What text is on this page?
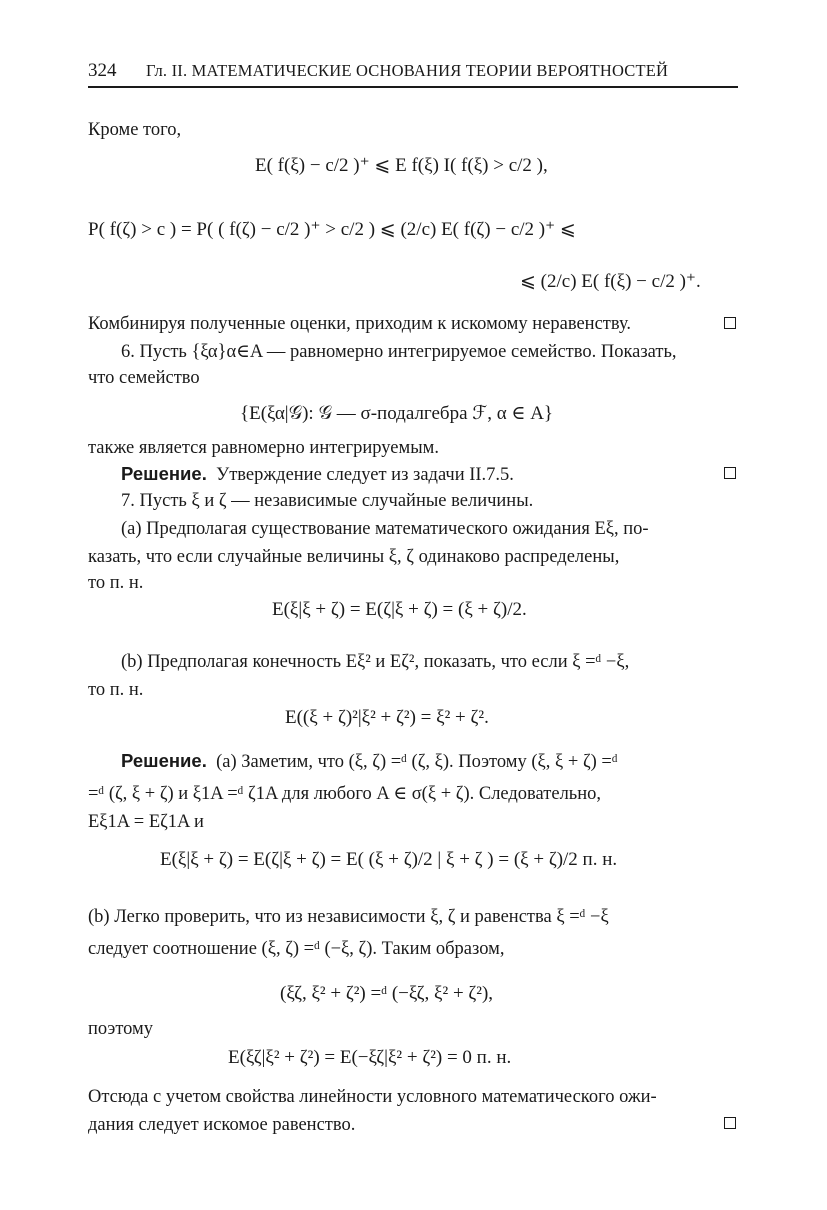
324 Гл. II. МАТЕМАТИЧЕСКИЕ ОСНОВАНИЯ ТЕОРИИ ВЕРОЯТНОСТЕЙ
Кроме того,
E( f(ξ) − c/2 )⁺ ⩽ E f(ξ) I( f(ξ) > c/2 ),
P( f(ζ) > c ) = P( ( f(ζ) − c/2 )⁺ > c/2 ) ⩽ (2/c) E( f(ζ) − c/2 )⁺ ⩽
⩽ (2/c) E( f(ξ) − c/2 )⁺.
Комбинируя полученные оценки, приходим к искомому неравенству.
6. Пусть {ξα}α∈A — равномерно интегрируемое семейство. Показать,
что семейство
{E(ξα|𝒢): 𝒢 — σ-подалгебра ℱ, α ∈ A}
также является равномерно интегрируемым.
Решение. Утверждение следует из задачи II.7.5.
7. Пусть ξ и ζ — независимые случайные величины.
(a) Предполагая существование математического ожидания Eξ, по-
казать, что если случайные величины ξ, ζ одинаково распределены,
то п. н.
E(ξ|ξ + ζ) = E(ζ|ξ + ζ) = (ξ + ζ)/2.
(b) Предполагая конечность Eξ² и Eζ², показать, что если ξ =ᵈ −ξ,
то п. н.
E((ξ + ζ)²|ξ² + ζ²) = ξ² + ζ².
Решение. (a) Заметим, что (ξ, ζ) =ᵈ (ζ, ξ). Поэтому (ξ, ξ + ζ) =ᵈ
=ᵈ (ζ, ξ + ζ) и ξ1A =ᵈ ζ1A для любого A ∈ σ(ξ + ζ). Следовательно,
Eξ1A = Eζ1A и
E(ξ|ξ + ζ) = E(ζ|ξ + ζ) = E( (ξ + ζ)/2 | ξ + ζ ) = (ξ + ζ)/2 п. н.
(b) Легко проверить, что из независимости ξ, ζ и равенства ξ =ᵈ −ξ
следует соотношение (ξ, ζ) =ᵈ (−ξ, ζ). Таким образом,
(ξζ, ξ² + ζ²) =ᵈ (−ξζ, ξ² + ζ²),
поэтому
E(ξζ|ξ² + ζ²) = E(−ξζ|ξ² + ζ²) = 0 п. н.
Отсюда с учетом свойства линейности условного математического ожи-
дания следует искомое равенство.
